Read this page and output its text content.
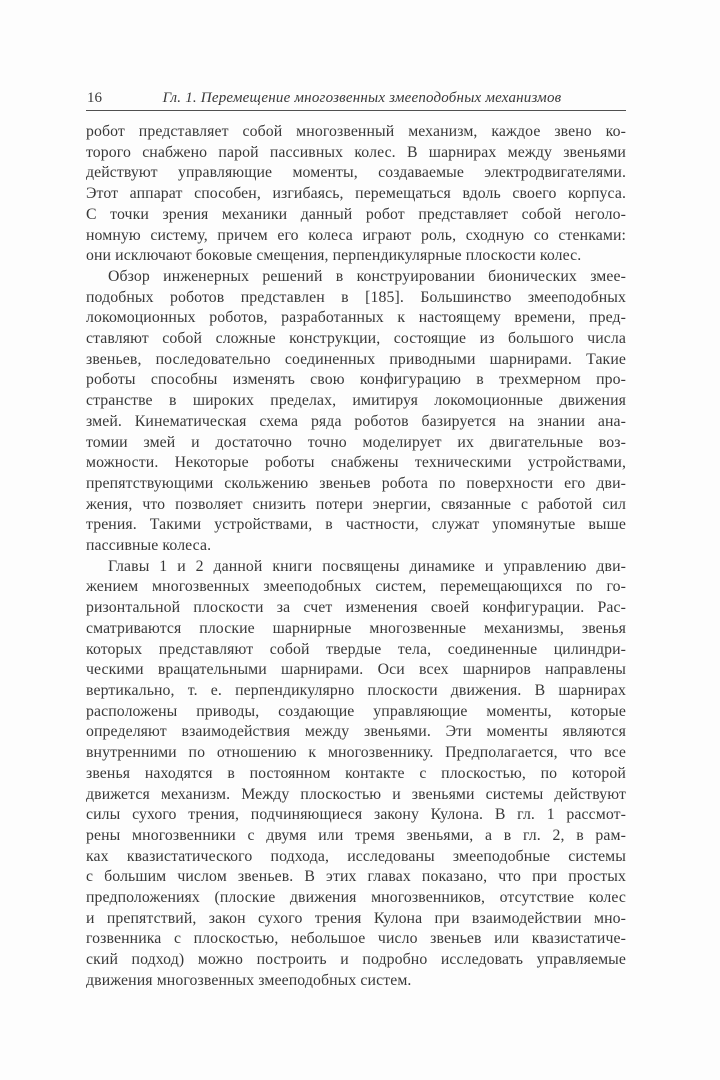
16	Гл. 1. Перемещение многозвенных змееподобных механизмов
робот представляет собой многозвенный механизм, каждое звено ко-
торого снабжено парой пассивных колес. В шарнирах между звеньями
действуют управляющие моменты, создаваемые электродвигателями.
Этот аппарат способен, изгибаясь, перемещаться вдоль своего корпуса.
С точки зрения механики данный робот представляет собой неголо-
номную систему, причем его колеса играют роль, сходную со стенками:
они исключают боковые смещения, перпендикулярные плоскости колес.
Обзор инженерных решений в конструировании бионических змее-
подобных роботов представлен в [185]. Большинство змееподобных
локомоционных роботов, разработанных к настоящему времени, пред-
ставляют собой сложные конструкции, состоящие из большого числа
звеньев, последовательно соединенных приводными шарнирами. Такие
роботы способны изменять свою конфигурацию в трехмерном про-
странстве в широких пределах, имитируя локомоционные движения
змей. Кинематическая схема ряда роботов базируется на знании ана-
томии змей и достаточно точно моделирует их двигательные воз-
можности. Некоторые роботы снабжены техническими устройствами,
препятствующими скольжению звеньев робота по поверхности его дви-
жения, что позволяет снизить потери энергии, связанные с работой сил
трения. Такими устройствами, в частности, служат упомянутые выше
пассивные колеса.
Главы 1 и 2 данной книги посвящены динамике и управлению дви-
жением многозвенных змееподобных систем, перемещающихся по го-
ризонтальной плоскости за счет изменения своей конфигурации. Рас-
сматриваются плоские шарнирные многозвенные механизмы, звенья
которых представляют собой твердые тела, соединенные цилиндри-
ческими вращательными шарнирами. Оси всех шарниров направлены
вертикально, т. е. перпендикулярно плоскости движения. В шарнирах
расположены приводы, создающие управляющие моменты, которые
определяют взаимодействия между звеньями. Эти моменты являются
внутренними по отношению к многозвеннику. Предполагается, что все
звенья находятся в постоянном контакте с плоскостью, по которой
движется механизм. Между плоскостью и звеньями системы действуют
силы сухого трения, подчиняющиеся закону Кулона. В гл. 1 рассмот-
рены многозвенники с двумя или тремя звеньями, а в гл. 2, в рам-
ках квазистатического подхода, исследованы змееподобные системы
с большим числом звеньев. В этих главах показано, что при простых
предположениях (плоские движения многозвенников, отсутствие колес
и препятствий, закон сухого трения Кулона при взаимодействии мно-
гозвенника с плоскостью, небольшое число звеньев или квазистатиче-
ский подход) можно построить и подробно исследовать управляемые
движения многозвенных змееподобных систем.
